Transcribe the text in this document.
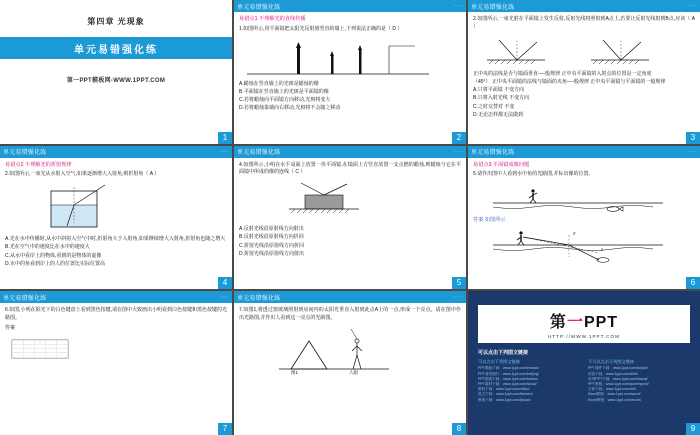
第四章 光现象
单元易错强化练
第一PPT模板网-WWW.1PPT.COM
1
单元易错强化练	···
易错点1 不理解光的直线传播
1.如图所示,用平面镜把太阳光反射到竖直的墙上,下列说法正确的是（ D ）
A.蜡烛在竖直墙上的光斑是蜡烛的像
B.平面镜在竖直墙上的光斑是平面镜的像
C.若将蜡烛向平面镜方向移动,光斑将变大
D.若将蜡烛靠墙向右移动,光斑将不会随之移动
2
单元易错强化练	···
2.如图所示,一束光射在平面镜上发生反射,反射光线将照射到A点上,若要让反射光线射到B点,应该（ A ）
正中央的法线是否与镜面垂直──般规律 正中央平面镜的入射点的位置是一定角度
（45°） 正中央平面镜的法线与镜面的夹角──般规律 正中央平面镜与平面镜的一般规律
A.只将平面镜 不变方向
B.只将入射光线 不变方向
C.之时交替对 不变
D.无论怎样都无法做到
3
单元易错强化练	···
易错点2 不理解光的折射规律
2.如图所示,一束光从水射入空气,如果逐渐增大入射角,则折射角（ A ）
A.光在水中传播时,从水中斜射入空气中时,折射角大于入射角,如果继续增大入射角,折射角也随之增大
B.光在空气中的速度比在水中的速度大
C.从水中看岸上的物体,看到的是物体的虚像
D.水中的鱼看到岸上的人的位置比实际位置高
4
单元易错强化练	···
4.如图所示,小明在水平桌面上放置一块平面镜,在镜面上方竖直放置一支点燃的蜡烛,则蜡烛与它在平面镜中所成的像的连线（ C ）
A.反射光线沿原射线方向射出
B.反射光线沿原射线方向折回
C.折射光线沿原射线方向折回
D.折射光线沿原射线方向射出
5
单元易错强化练	···
易错点3 平面镜成像问题
5.请作出图中人看到水中鱼的光路图,并标出像的位置。
答案 如图所示
S'
S
6
单元易错强化练	···
6.如图,小明在阳光下的白色键盘上看到黑色按键,请在图中大致画出小明看到白色按键和黑色按键的光路图。
答案
7
单元易错强化练	···
7.如图1,将透过窗玻璃照射到房间内的太阳光垂直入射到此点A上的一点,形成一个亮点。请在图中作出光路图,并作出人看到这一亮点的光路图。
图1	人眼
8
第一PPT
HTTP://WWW.1PPT.COM
可以点击下列图文链接
可以点击下列图文链接
PPT模板下载：www.1ppt.com/moban/
PPT背景图片：www.1ppt.com/beijing/
PPT图表下载：www.1ppt.com/tubiao/
PPT素材下载：www.1ppt.com/sucai/
资料下载：www.1ppt.com/ziliao/
范文下载：www.1ppt.com/fanwen/
教案下载：www.1ppt.com/jiaoan/
不可以点击下列图文链接
PPT课件下载：www.1ppt.com/kejian/
试卷下载：www.1ppt.com/shiti/
优秀PPT下载：www.1ppt.com/xiazai/
PPT教程：www.1ppt.com/powerpoint/
字体下载：www.1ppt.com/ziti/
Word教程：www.1ppt.com/word/
Excel教程：www.1ppt.com/excel/
9
